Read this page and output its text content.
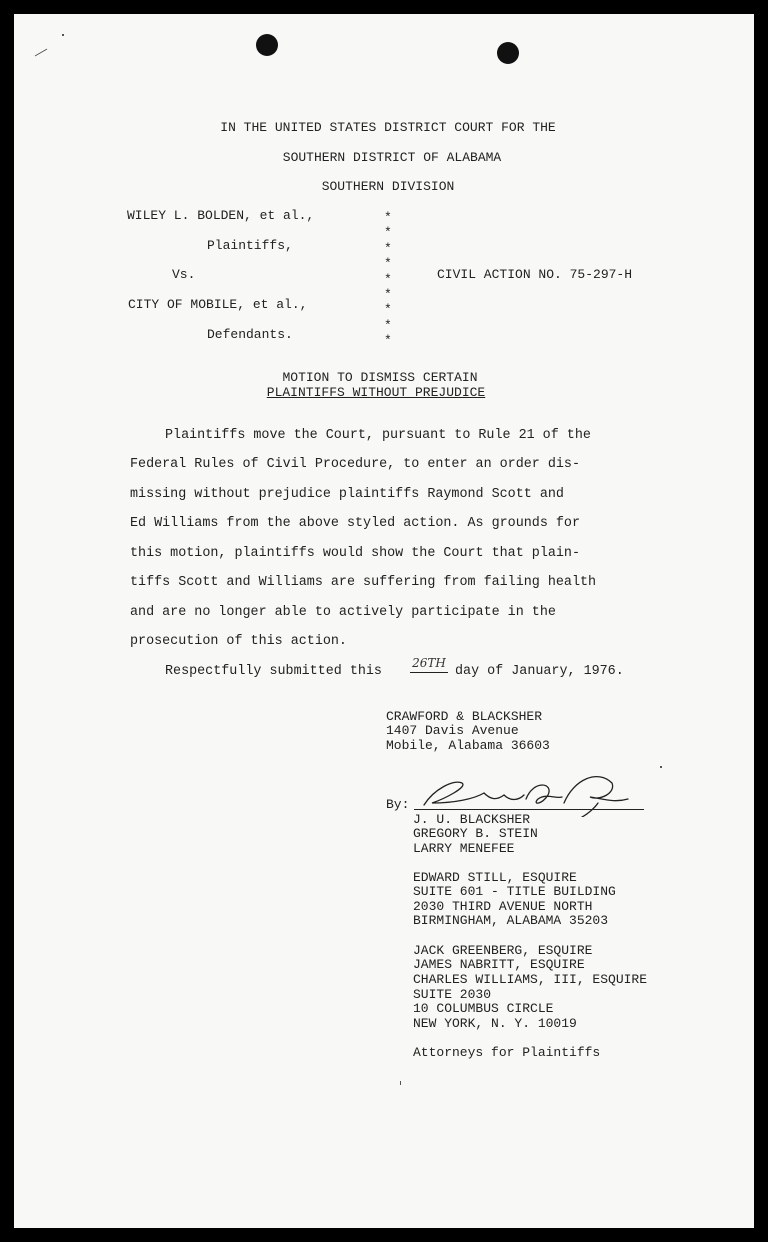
IN THE UNITED STATES DISTRICT COURT FOR THE
SOUTHERN DISTRICT OF ALABAMA
SOUTHERN DIVISION
WILEY L. BOLDEN, et al.,
Plaintiffs,
Vs.
CITY OF MOBILE, et al.,
Defendants.
*
*
*
*
*
*
*
*
*
CIVIL ACTION NO. 75-297-H
MOTION TO DISMISS CERTAIN
PLAINTIFFS WITHOUT PREJUDICE
Plaintiffs move the Court, pursuant to Rule 21 of the
Federal Rules of Civil Procedure, to enter an order dis-
missing without prejudice plaintiffs Raymond Scott and
Ed Williams from the above styled action. As grounds for
this motion, plaintiffs would show the Court that plain-
tiffs Scott and Williams are suffering from failing health
and are no longer able to actively participate in the
prosecution of this action.
Respectfully submitted this
26TH
day of January, 1976.
CRAWFORD & BLACKSHER
1407 Davis Avenue
Mobile, Alabama 36603
By:
J. U. BLACKSHER
GREGORY B. STEIN
LARRY MENEFEE
EDWARD STILL, ESQUIRE
SUITE 601 - TITLE BUILDING
2030 THIRD AVENUE NORTH
BIRMINGHAM, ALABAMA 35203
JACK GREENBERG, ESQUIRE
JAMES NABRITT, ESQUIRE
CHARLES WILLIAMS, III, ESQUIRE
SUITE 2030
10 COLUMBUS CIRCLE
NEW YORK, N. Y. 10019
Attorneys for Plaintiffs
